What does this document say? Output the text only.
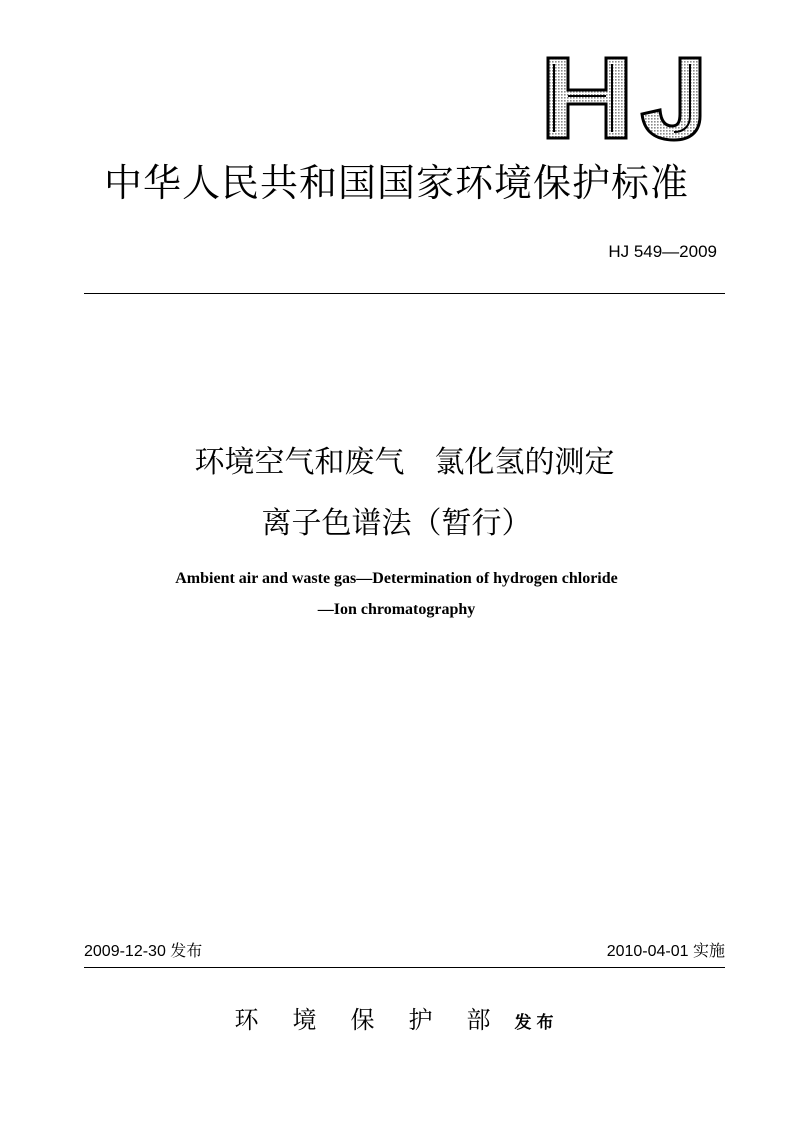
HJ
中华人民共和国国家环境保护标准
HJ 549—2009
环境空气和废气　氯化氢的测定
离子色谱法（暂行）
Ambient air and waste gas—Determination of hydrogen chloride
—Ion chromatography
2009-12-30 发布	2010-04-01 实施
环境保护部发布
